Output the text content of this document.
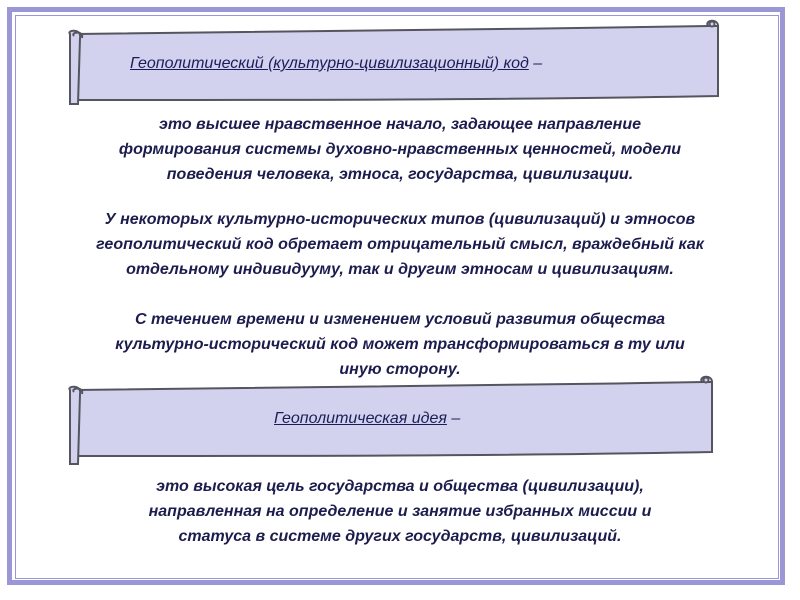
Геополитический (культурно-цивилизационный) код –
это высшее нравственное начало, задающее направление
формирования системы духовно-нравственных ценностей, модели
поведения человека, этноса, государства, цивилизации.
У некоторых культурно-исторических типов (цивилизаций) и этносов
геополитический код обретает отрицательный смысл, враждебный как
отдельному индивидууму, так и другим этносам и цивилизациям.
С течением времени и изменением условий развития общества
культурно-исторический код может трансформироваться в ту или
иную сторону.
Геополитическая идея –
это высокая цель государства и общества (цивилизации),
направленная на определение и занятие избранных миссии и
статуса в системе других государств, цивилизаций.
